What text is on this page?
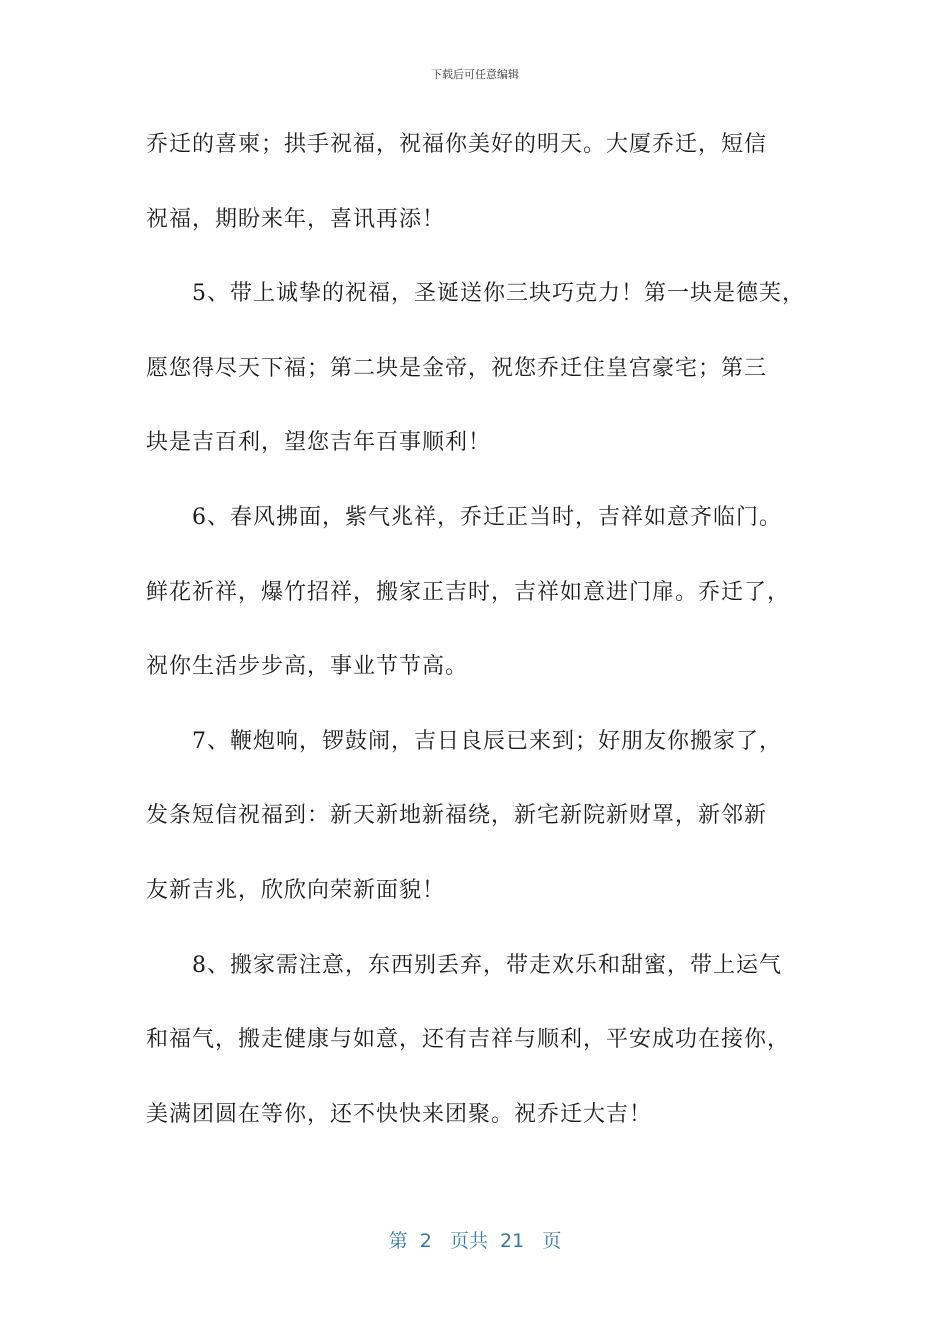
下载后可任意编辑
乔迁的喜柬；拱手祝福，祝福你美好的明天。大厦乔迁，短信
祝福，期盼来年，喜讯再添！
5、带上诚挚的祝福，圣诞送你三块巧克力！第一块是德芙，
愿您得尽天下福；第二块是金帝，祝您乔迁住皇宫豪宅；第三
块是吉百利，望您吉年百事顺利！
6、春风拂面，紫气兆祥，乔迁正当时，吉祥如意齐临门。
鲜花祈祥，爆竹招祥，搬家正吉时，吉祥如意进门扉。乔迁了，
祝你生活步步高，事业节节高。
7、鞭炮响，锣鼓闹，吉日良辰已来到；好朋友你搬家了，
发条短信祝福到：新天新地新福绕，新宅新院新财罩，新邻新
友新吉兆，欣欣向荣新面貌！
8、搬家需注意，东西别丢弃，带走欢乐和甜蜜，带上运气
和福气，搬走健康与如意，还有吉祥与顺利，平安成功在接你，
美满团圆在等你，还不快快来团聚。祝乔迁大吉！
第  2   页共  21   页
